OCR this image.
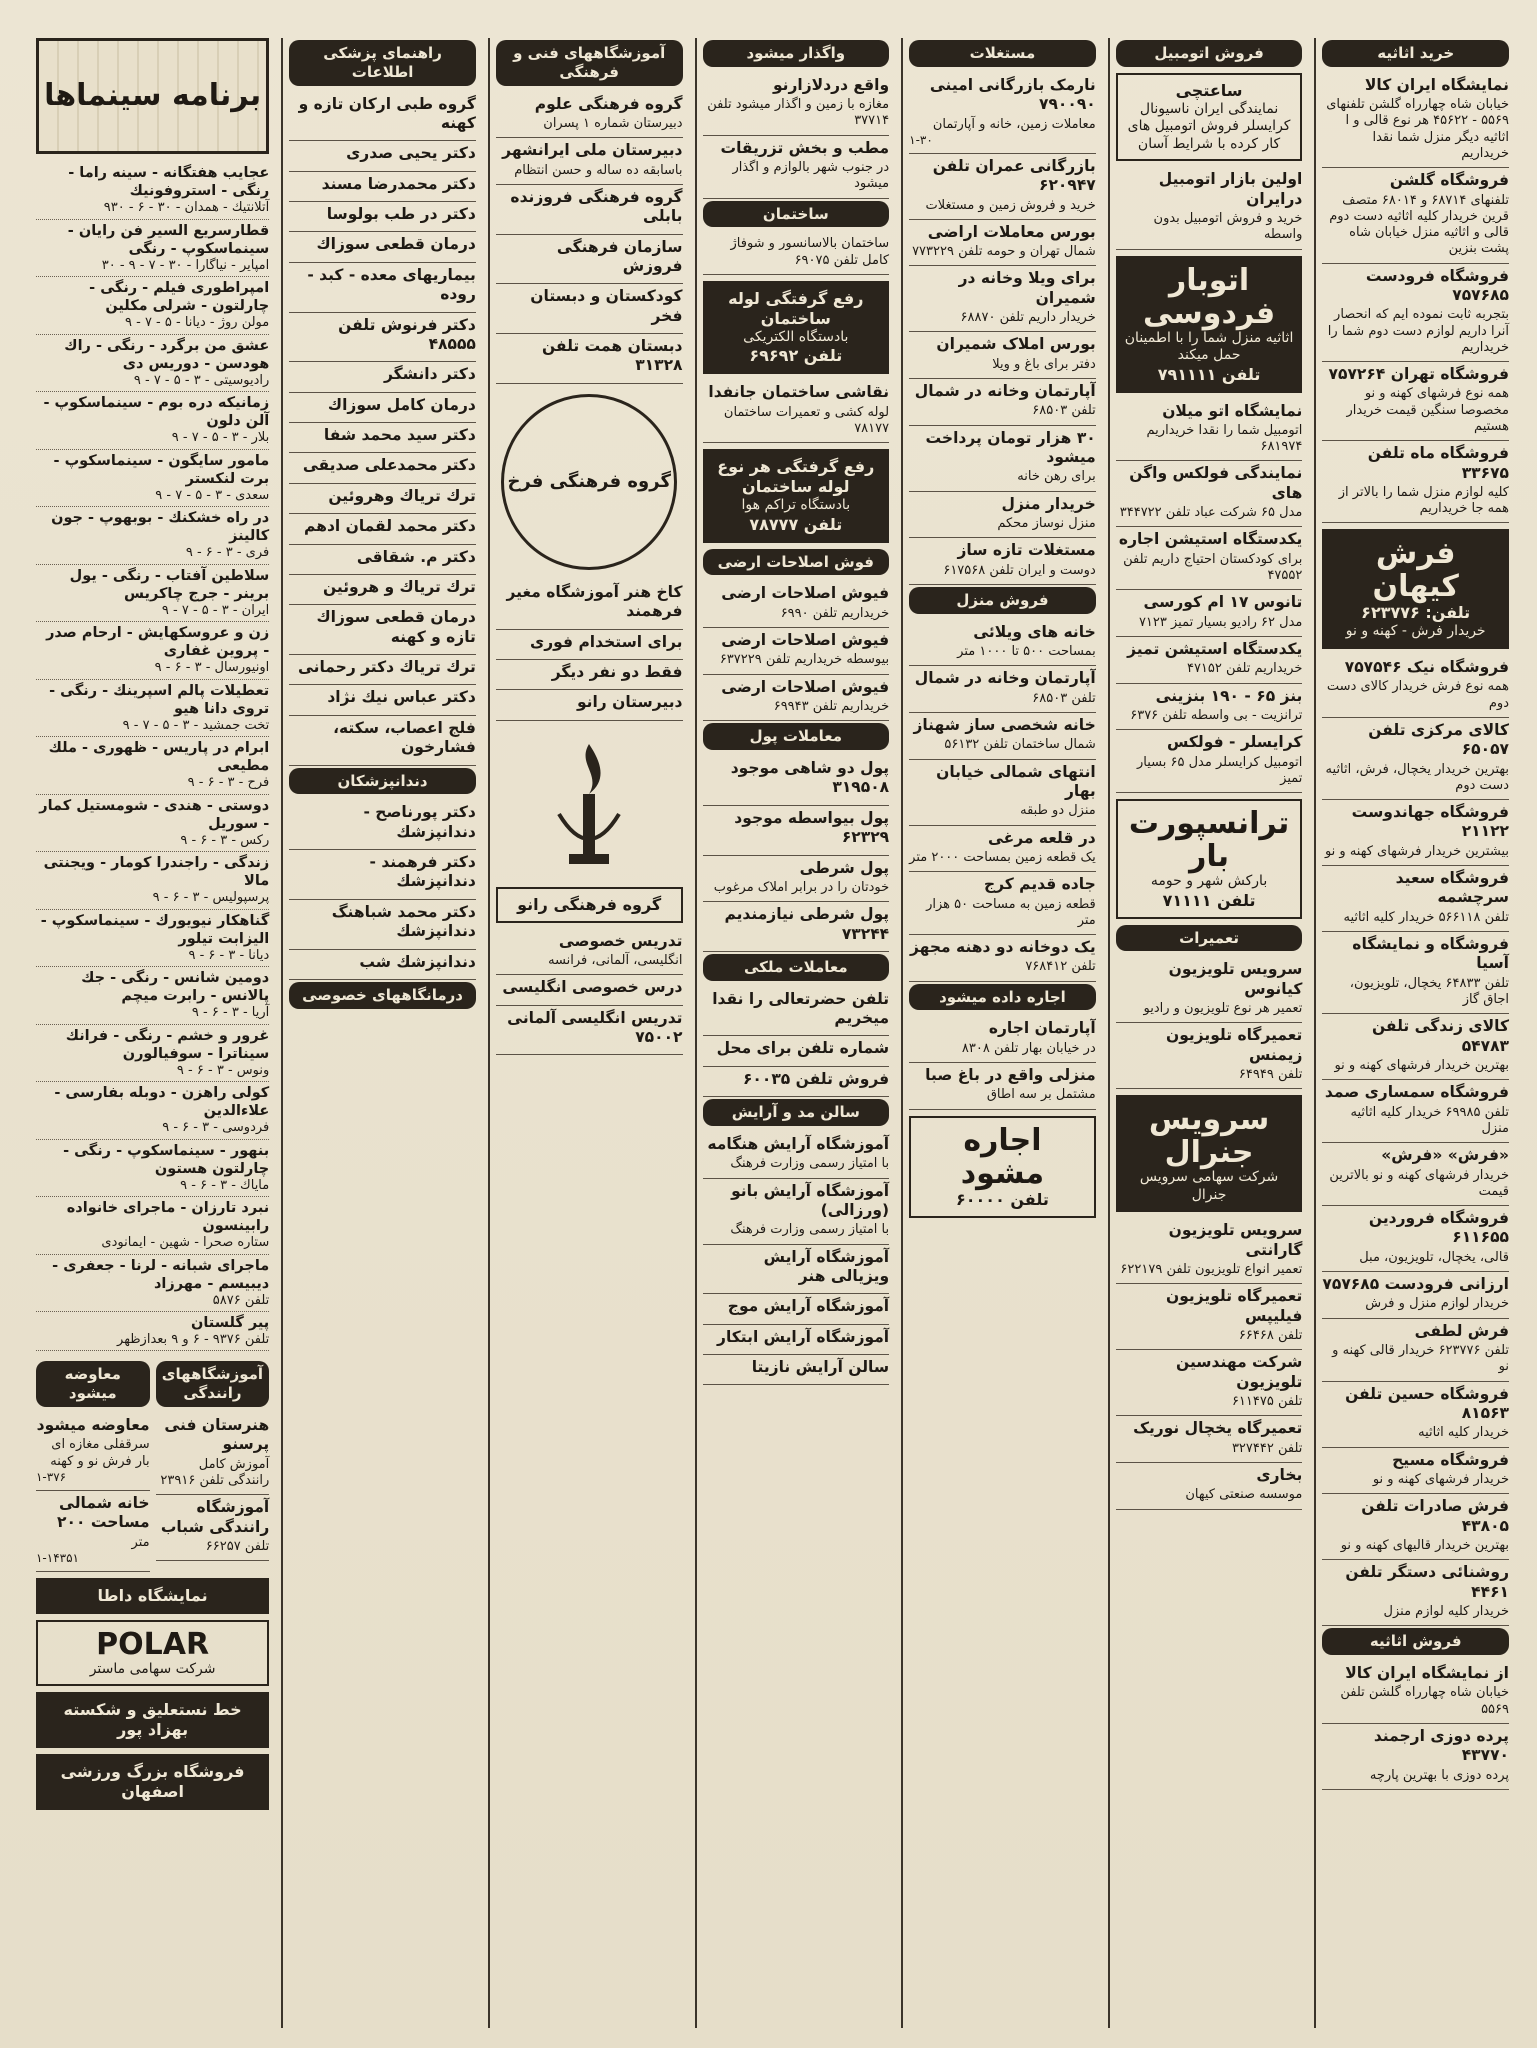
خرید اثاثیه
نمایشگاه ایران کالا
خیابان شاه چهارراه گلشن تلفنهای ۵۵۶۹ - ۴۵۶۲۲ هر نوع قالی و ا اثاثیه دیگر منزل شما نقدا خریداریم
فروشگاه گلشن
تلفنهای ۶۸۷۱۴ و ۶۸۰۱۴ متصف قرین خریدار کلیه اثاثیه دست دوم قالی و اثاثیه منزل خیابان شاه پشت بنزین
فروشگاه فرودست ۷۵۷۶۸۵
بتجربه ثابت نموده ایم که انحصار آنرا داریم لوازم دست دوم شما را خریداریم
فروشگاه تهران ۷۵۷۲۶۴
همه نوع فرشهای کهنه و نو مخصوصا سنگین قیمت خریدار هستیم
فروشگاه ماه تلفن ۳۳۶۷۵
کلیه لوازم منزل شما را بالاتر از همه جا خریداریم
فرش کیهان
تلفن: ۶۲۳۷۷۶
خریدار فرش - کهنه و نو
فروشگاه نیک ۷۵۷۵۴۶
همه نوع فرش خریدار کالای دست دوم
کالای مرکزی تلفن ۶۵۰۵۷
بهترین خریدار یخچال، فرش، اثاثیه دست دوم
فروشگاه جهاندوست ۲۱۱۲۲
بیشترین خریدار فرشهای کهنه و نو
فروشگاه سعید سرچشمه
تلفن ۵۶۶۱۱۸ خریدار کلیه اثاثیه
فروشگاه و نمایشگاه آسیا
تلفن ۶۴۸۳۳ یخچال، تلویزیون، اجاق گاز
کالای زندگی تلفن ۵۴۷۸۳
بهترین خریدار فرشهای کهنه و نو
فروشگاه سمساری صمد
تلفن ۶۹۹۸۵ خریدار کلیه اثاثیه منزل
«فرش» «فرش»
خریدار فرشهای کهنه و نو بالاترین قیمت
فروشگاه فروردین ۶۱۱۶۵۵
قالی، یخچال، تلویزیون، مبل
ارزانی فرودست ۷۵۷۶۸۵
خریدار لوازم منزل و فرش
فرش لطفی
تلفن ۶۲۳۷۷۶ خریدار قالی کهنه و نو
فروشگاه حسین تلفن ۸۱۵۶۳
خریدار کلیه اثاثیه
فروشگاه مسیح
خریدار فرشهای کهنه و نو
فرش صادرات تلفن ۴۳۸۰۵
بهترین خریدار قالیهای کهنه و نو
روشنائی دستگر تلفن ۴۴۶۱
خریدار کلیه لوازم منزل
فروش اثاثیه
از نمایشگاه ایران کالا
خیابان شاه چهارراه گلشن تلفن ۵۵۶۹
پرده دوزی ارجمند ۴۳۷۷۰
پرده دوزی با بهترین پارچه
فروش اتومبیل
ساعتچی
نمایندگی ایران ناسیونال کرایسلر فروش اتومبیل های کار کرده با شرایط آسان
اولین بازار اتومبیل درایران
خرید و فروش اتومبیل بدون واسطه
اتوبار فردوسی
اثاثیه منزل شما را با اطمینان حمل میکند
تلفن ۷۹۱۱۱۱
نمایشگاه اتو میلان
اتومبیل شما را نقدا خریداریم ۶۸۱۹۷۴
نمایندگی فولکس واگن های
مدل ۶۵ شرکت عباد تلفن ۳۴۴۷۲۲
یکدستگاه استیشن اجاره
برای کودکستان احتیاج داریم تلفن ۴۷۵۵۲
تانوس ۱۷ ام کورسی
مدل ۶۲ رادیو بسیار تمیز ۷۱۲۳
یکدستگاه استیشن تمیز
خریداریم تلفن ۴۷۱۵۲
بنز ۶۵ - ۱۹۰ بنزینی
ترانزیت - بی واسطه تلفن ۶۳۷۶
کرایسلر - فولکس
اتومبیل کرایسلر مدل ۶۵ بسیار تمیز
ترانسپورت بار
بارکش شهر و حومه
تلفن ۷۱۱۱۱
تعمیرات
سرویس تلویزیون کیانوس
تعمیر هر نوع تلویزیون و رادیو
تعمیرگاه تلویزیون زیمنس
تلفن ۶۴۹۴۹
سرویس جنرال
شرکت سهامی سرویس جنرال
سرویس تلویزیون گارانتی
تعمیر انواع تلویزیون تلفن ۶۲۲۱۷۹
تعمیرگاه تلویزیون فیلیپس
تلفن ۶۶۴۶۸
شرکت مهندسین تلویزیون
تلفن ۶۱۱۴۷۵
تعمیرگاه یخچال نوریک
تلفن ۳۲۷۴۴۲
بخاری
موسسه صنعتی کیهان
مستغلات
نارمک بازرگانی امینی ۷۹۰۰۹۰
معاملات زمین، خانه و آپارتمان
۱-۳۰
بازرگانی عمران تلفن ۶۲۰۹۴۷
خرید و فروش زمین و مستغلات
بورس معاملات اراضی
شمال تهران و حومه تلفن ۷۷۳۲۲۹
برای ویلا وخانه در شمیران
خریدار داریم تلفن ۶۸۸۷۰
بورس املاک شمیران
دفتر برای باغ و ویلا
آپارتمان وخانه در شمال
تلفن ۶۸۵۰۳
۳۰ هزار تومان پرداخت میشود
برای رهن خانه
خریدار منزل
منزل نوساز محکم
مستغلات تازه ساز
دوست و ایران تلفن ۶۱۷۵۶۸
فروش منزل
خانه های ویلائی
بمساحت ۵۰۰ تا ۱۰۰۰ متر
آپارتمان وخانه در شمال
تلفن ۶۸۵۰۳
خانه شخصی ساز شهناز
شمال ساختمان تلفن ۵۶۱۳۲
انتهای شمالی خیابان بهار
منزل دو طبقه
در قلعه مرغی
یک قطعه زمین بمساحت ۲۰۰۰ متر
جاده قدیم کرج
قطعه زمین به مساحت ۵۰ هزار متر
یک دوخانه دو دهنه مجهز
تلفن ۷۶۸۴۱۲
اجاره داده میشود
آپارتمان اجاره
در خیابان بهار تلفن ۸۳۰۸
منزلی واقع در باغ صبا
مشتمل بر سه اطاق
اجاره مشود
تلفن ۶۰۰۰۰
واگذار میشود
واقع دردلازارنو
مغازه با زمین و اگذار میشود تلفن ۳۷۷۱۴
مطب و بخش تزریقات
در جنوب شهر بالوازم و اگذار میشود
ساختمان
ساختمان بالاسانسور و شوفاژ کامل تلفن ۶۹۰۷۵
رفع گرفتگی لوله ساختمان
بادستگاه الکتریکی
تلفن ۶۹۶۹۲
نقاشی ساختمان جانفدا
لوله کشی و تعمیرات ساختمان ۷۸۱۷۷
رفع گرفتگی هر نوع لوله ساختمان
بادستگاه تراکم هوا
تلفن ۷۸۷۷۷
فوش اصلاحات ارضی
فیوش اصلاحات ارضی
خریداریم تلفن ۶۹۹۰
فیوش اصلاحات ارضی
بیوسطه خریداریم تلفن ۶۳۷۲۲۹
فیوش اصلاحات ارضی
خریداریم تلفن ۶۹۹۴۳
معاملات پول
پول دو شاهی موجود ۳۱۹۵۰۸
پول بیواسطه موجود ۶۲۳۲۹
پول شرطی
خودتان را در برابر املاک مرغوب
پول شرطی نیازمندیم ۷۳۲۴۴
معاملات ملکی
تلفن حضرتعالی را نقدا میخریم
شماره تلفن برای محل
فروش تلفن ۶۰۰۳۵
سالن مد و آرایش
آموزشگاه آرایش هنگامه
با امتیاز رسمی وزارت فرهنگ
آموزشگاه آرایش بانو (ورزالی)
با امتیاز رسمی وزارت فرهنگ
آموزشگاه آرایش ویزیالی هنر
آموزشگاه آرایش موج
آموزشگاه آرایش ابتکار
سالن آرایش نازیتا
آموزشگاههای فنی و فرهنگی
گروه فرهنگی علوم
دبیرستان شماره ۱ پسران
دبیرستان ملی ایرانشهر
باسابقه ده ساله و حسن انتظام
گروه فرهنگی فروزنده بابلی
سازمان فرهنگی فروزش
کودکستان و دبستان فخر
دبستان همت تلفن ۳۱۳۲۸
گروه فرهنگی فرخ
کاخ هنر آموزشگاه مغیر فرهمند
برای استخدام فوری
فقط دو نفر دیگر
دبیرستان رانو
گروه فرهنگی رانو
تدریس خصوصی
انگلیسی، آلمانی، فرانسه
درس خصوصی انگلیسی
تدریس انگلیسی آلمانی ۷۵۰۰۲
راهنمای پزشکی اطلاعات
گروه طبی ارکان تازه و کهنه
دکتر یحیی صدری
دکتر محمدرضا مسند
دکتر در طب بولوسا
درمان قطعی سوزاك
بیماریهای معده - کبد - روده
دکتر فرنوش تلفن ۴۸۵۵۵
دکتر دانشگر
درمان کامل سوزاك
دکتر سید محمد شفا
دکتر محمدعلی صدیقی
ترك تریاك وهروئین
دکتر محمد لقمان ادهم
دکتر م. شقاقی
ترك تریاك و هروئین
درمان قطعی سوزاك تازه و کهنه
ترك تریاك دکتر رحمانی
دکتر عباس نیك نژاد
فلج اعصاب، سکته، فشارخون
دندانپزشکان
دکتر پورناصح - دندانپزشك
دکتر فرهمند - دندانپزشك
دکتر محمد شباهنگ دندانپزشك
دندانپزشك شب
درمانگاههای خصوصی
برنامه سینماها
عجایب هفتگانه - سینه راما - رنگی - استروفونیك
آتلانتیك - همدان - ۳۰ - ۶ - ۹۳۰
قطارسریع السیر فن رایان - سینماسکوپ - رنگی
امپایر - نیاگارا - ۳۰ - ۷ - ۹ - ۳۰
امپراطوری فیلم - رنگی - چارلتون - شرلی مکلین
مولن روژ - دیانا - ۵ - ۷ - ۹
عشق من برگرد - رنگی - راك هودسن - دوریس دی
رادیوسیتی - ۳ - ۵ - ۷ - ۹
زمانیکه دره بوم - سینماسکوپ - آلن دلون
بلار - ۳ - ۵ - ۷ - ۹
مامور سایگون - سینماسکوپ - برت لنکستر
سعدی - ۳ - ۵ - ۷ - ۹
در راه خشکنك - بوبهوپ - جون کالینز
فری - ۳ - ۶ - ۹
سلاطین آفتاب - رنگی - یول برینر - جرج چاکریس
ایران - ۳ - ۵ - ۷ - ۹
زن و عروسکهایش - ارحام صدر - پروین غفاری
اونیورسال - ۳ - ۶ - ۹
تعطیلات پالم اسپرینك - رنگی - تروی دانا هیو
تخت جمشید - ۳ - ۵ - ۷ - ۹
ابرام در پاریس - ظهوری - ملك مطیعی
فرح - ۳ - ۶ - ۹
دوستی - هندی - شومستیل کمار - سوریل
رکس - ۳ - ۶ - ۹
زندگی - راجندرا کومار - ویجنتی مالا
پرسپولیس - ۳ - ۶ - ۹
گناهکار نیویورك - سینماسکوپ - الیزابت تیلور
دیانا - ۳ - ۶ - ۹
دومین شانس - رنگی - جك پالانس - رابرت میچم
آریا - ۳ - ۶ - ۹
غرور و خشم - رنگی - فرانك سیناترا - سوفیالورن
ونوس - ۳ - ۶ - ۹
کولی راهزن - دوبله بفارسی - علاءالدین
فردوسی - ۳ - ۶ - ۹
بنهور - سینماسکوپ - رنگی - چارلتون هستون
مایاك - ۳ - ۶ - ۹
نبرد تارزان - ماجرای خانواده رابینسون
ستاره صحرا - شهین - ایمانودی
ماجرای شبانه - لرنا - جعفری - دیبیسم - مهرزاد
تلفن ۵۸۷۶
پیر گلستان
تلفن ۹۳۷۶ - ۶ و ۹ بعدازظهر
معاوضه میشود
معاوضه میشود
سرقفلی مغازه ای بار فرش نو و کهنه
۱-۳۷۶
خانه شمالی مساحت ۲۰۰
متر
۱-۱۴۳۵۱
آموزشگاههای رانندگی
هنرستان فنی پرسنو
آموزش کامل رانندگی تلفن ۲۳۹۱۶
آموزشگاه رانندگی شباب
تلفن ۶۶۲۵۷
نمایشگاه داطا
POLAR
شرکت سهامی ماستر
خط نستعلیق و شکسته بهزاد پور
فروشگاه بزرگ ورزشی اصفهان
